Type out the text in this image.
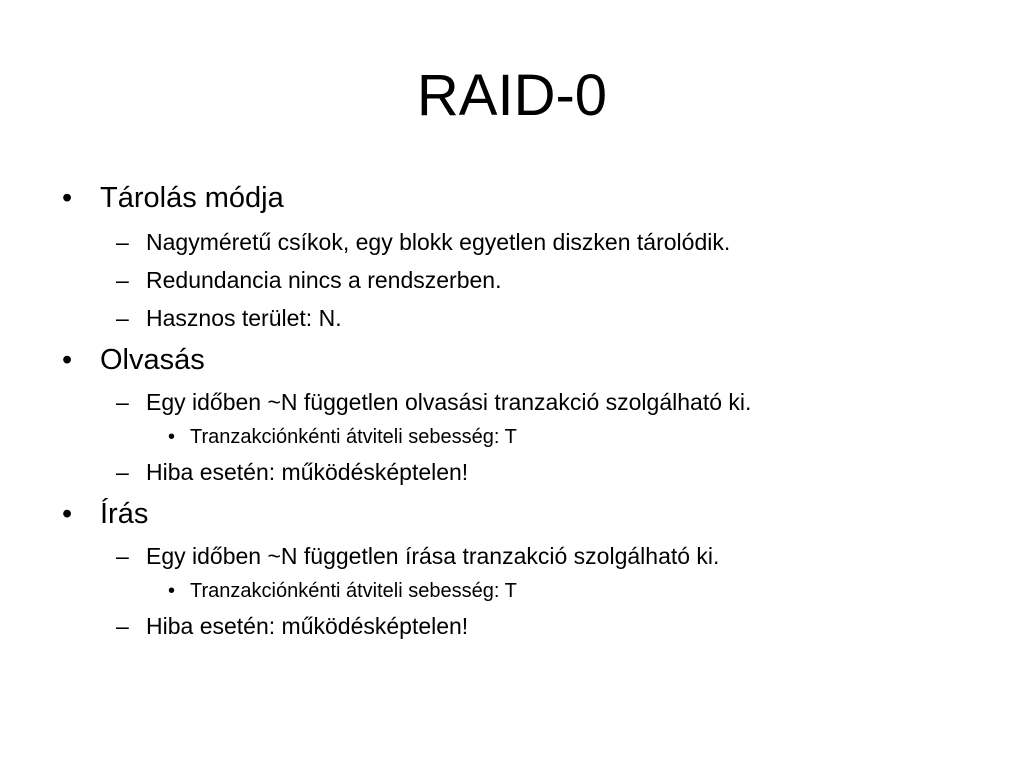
RAID-0
• Tárolás módja
– Nagyméretű csíkok, egy blokk egyetlen diszken tárolódik.
– Redundancia nincs a rendszerben.
– Hasznos terület: N.
• Olvasás
– Egy időben ~N független olvasási tranzakció szolgálható ki.
• Tranzakciónkénti átviteli sebesség: T
– Hiba esetén: működésképtelen!
• Írás
– Egy időben ~N független írása tranzakció szolgálható ki.
• Tranzakciónkénti átviteli sebesség: T
– Hiba esetén: működésképtelen!
